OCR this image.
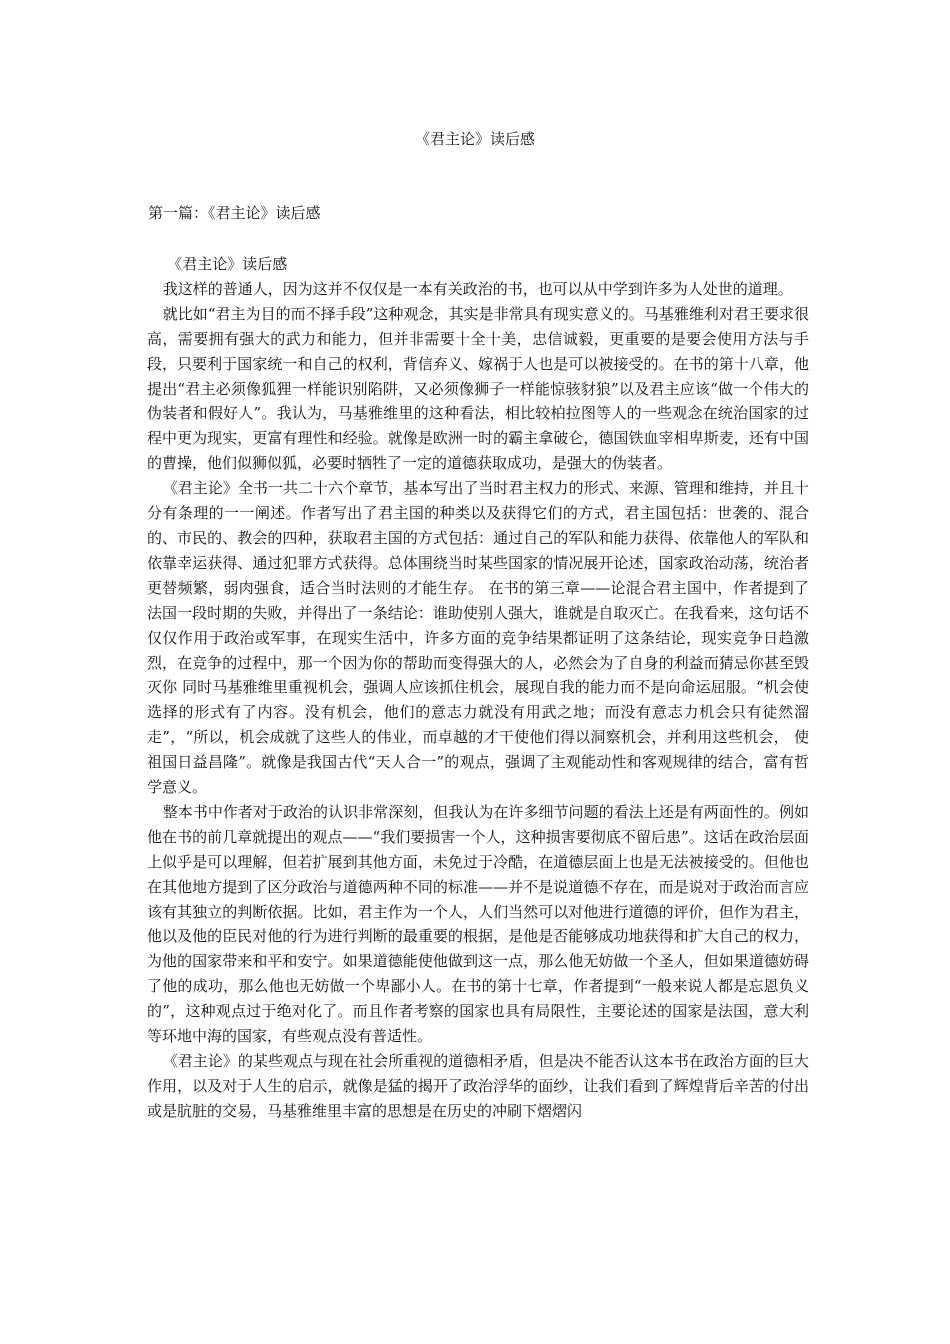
《君主论》读后感
第一篇：《君主论》读后感

《君主论》读后感

我这样的普通人，因为这并不仅仅是一本有关政治的书，也可以从中学到许多为人处世的道理。

就比如“君主为目的而不择手段”这种观念，其实是非常具有现实意义的。马基雅维利对君王要求很高，需要拥有强大的武力和能力，但并非需要十全十美，忠信诚毅，更重要的是要会使用方法与手段，只要利于国家统一和自己的权利，背信弃义、嫁祸于人也是可以被接受的。在书的第十八章，他提出“君主必须像狐狸一样能识别陷阱，又必须像狮子一样能惊骇豺狼”以及君主应该“做一个伟大的伪装者和假好人”。我认为，马基雅维里的这种看法，相比较柏拉图等人的一些观念在统治国家的过程中更为现实，更富有理性和经验。就像是欧洲一时的霸主拿破仑，德国铁血宰相卑斯麦，还有中国的曹操，他们似狮似狐，必要时牺牲了一定的道德获取成功，是强大的伪装者。

《君主论》全书一共二十六个章节，基本写出了当时君主权力的形式、来源、管理和维持，并且十分有条理的一一阐述。作者写出了君主国的种类以及获得它们的方式，君主国包括：世袭的、混合的、市民的、教会的四种，获取君主国的方式包括：通过自己的军队和能力获得、依靠他人的军队和依靠幸运获得、通过犯罪方式获得。总体围绕当时某些国家的情况展开论述，国家政治动荡，统治者更替频繁，弱肉强食，适合当时法则的才能生存。 在书的第三章——论混合君主国中，作者提到了法国一段时期的失败，并得出了一条结论：谁助使别人强大，谁就是自取灭亡。在我看来，这句话不仅仅作用于政治或军事，在现实生活中，许多方面的竞争结果都证明了这条结论，现实竞争日趋激烈，在竞争的过程中，那一个因为你的帮助而变得强大的人，必然会为了自身的利益而猜忌你甚至毁灭你 同时马基雅维里重视机会，强调人应该抓住机会，展现自我的能力而不是向命运屈服。“机会使选择的形式有了内容。没有机会，他们的意志力就没有用武之地；而没有意志力机会只有徒然溜走”，“所以，机会成就了这些人的伟业，而卓越的才干使他们得以洞察机会，并利用这些机会， 使祖国日益昌隆”。就像是我国古代“天人合一”的观点，强调了主观能动性和客观规律的结合，富有哲学意义。

整本书中作者对于政治的认识非常深刻，但我认为在许多细节问题的看法上还是有两面性的。例如他在书的前几章就提出的观点——“我们要损害一个人，这种损害要彻底不留后患”。这话在政治层面上似乎是可以理解，但若扩展到其他方面，未免过于冷酷，在道德层面上也是无法被接受的。但他也在其他地方提到了区分政治与道德两种不同的标准——并不是说道德不存在，而是说对于政治而言应该有其独立的判断依据。比如，君主作为一个人，人们当然可以对他进行道德的评价，但作为君主，他以及他的臣民对他的行为进行判断的最重要的根据，是他是否能够成功地获得和扩大自己的权力，为他的国家带来和平和安宁。如果道德能使他做到这一点，那么他无妨做一个圣人，但如果道德妨碍了他的成功，那么他也无妨做一个卑鄙小人。在书的第十七章，作者提到“一般来说人都是忘恩负义的”，这种观点过于绝对化了。而且作者考察的国家也具有局限性，主要论述的国家是法国，意大利等环地中海的国家，有些观点没有普适性。

《君主论》的某些观点与现在社会所重视的道德相矛盾，但是决不能否认这本书在政治方面的巨大作用，以及对于人生的启示，就像是猛的揭开了政治浮华的面纱，让我们看到了辉煌背后辛苦的付出或是肮脏的交易，马基雅维里丰富的思想是在历史的冲刷下熠熠闪
